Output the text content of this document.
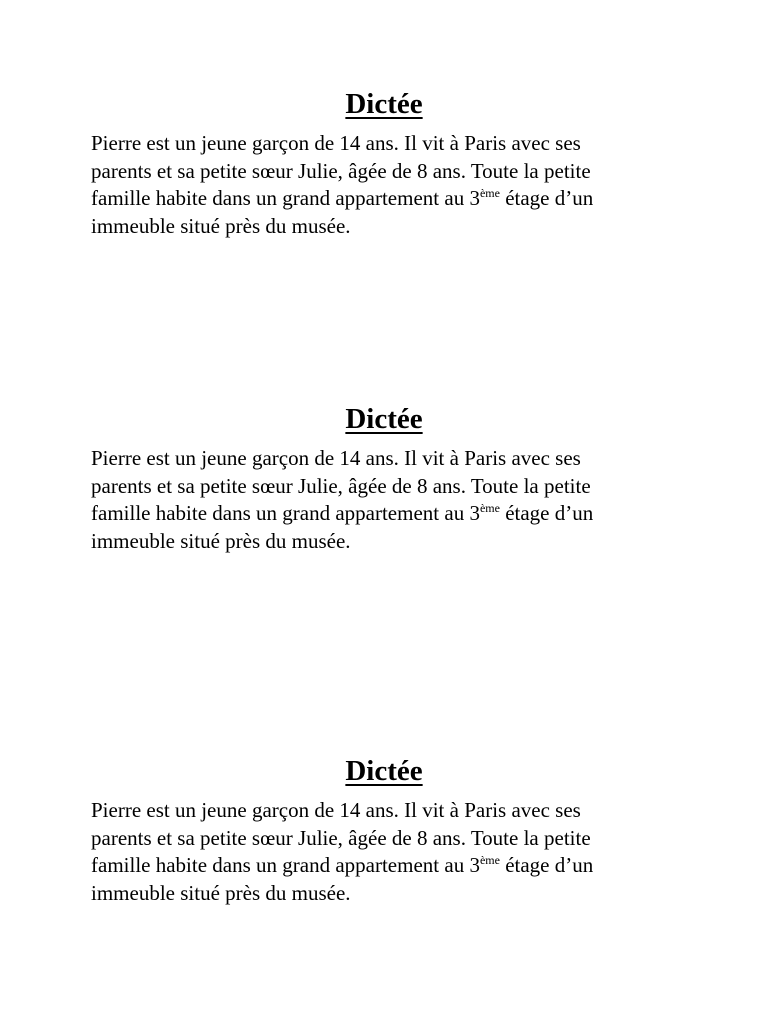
Dictée

Pierre est un jeune garçon de 14 ans. Il vit à Paris avec ses
parents et sa petite sœur Julie, âgée de 8 ans. Toute la petite
famille habite dans un grand appartement au 3ème étage d’un
immeuble situé près du musée.

Dictée

Pierre est un jeune garçon de 14 ans. Il vit à Paris avec ses
parents et sa petite sœur Julie, âgée de 8 ans. Toute la petite
famille habite dans un grand appartement au 3ème étage d’un
immeuble situé près du musée.

Dictée

Pierre est un jeune garçon de 14 ans. Il vit à Paris avec ses
parents et sa petite sœur Julie, âgée de 8 ans. Toute la petite
famille habite dans un grand appartement au 3ème étage d’un
immeuble situé près du musée.
